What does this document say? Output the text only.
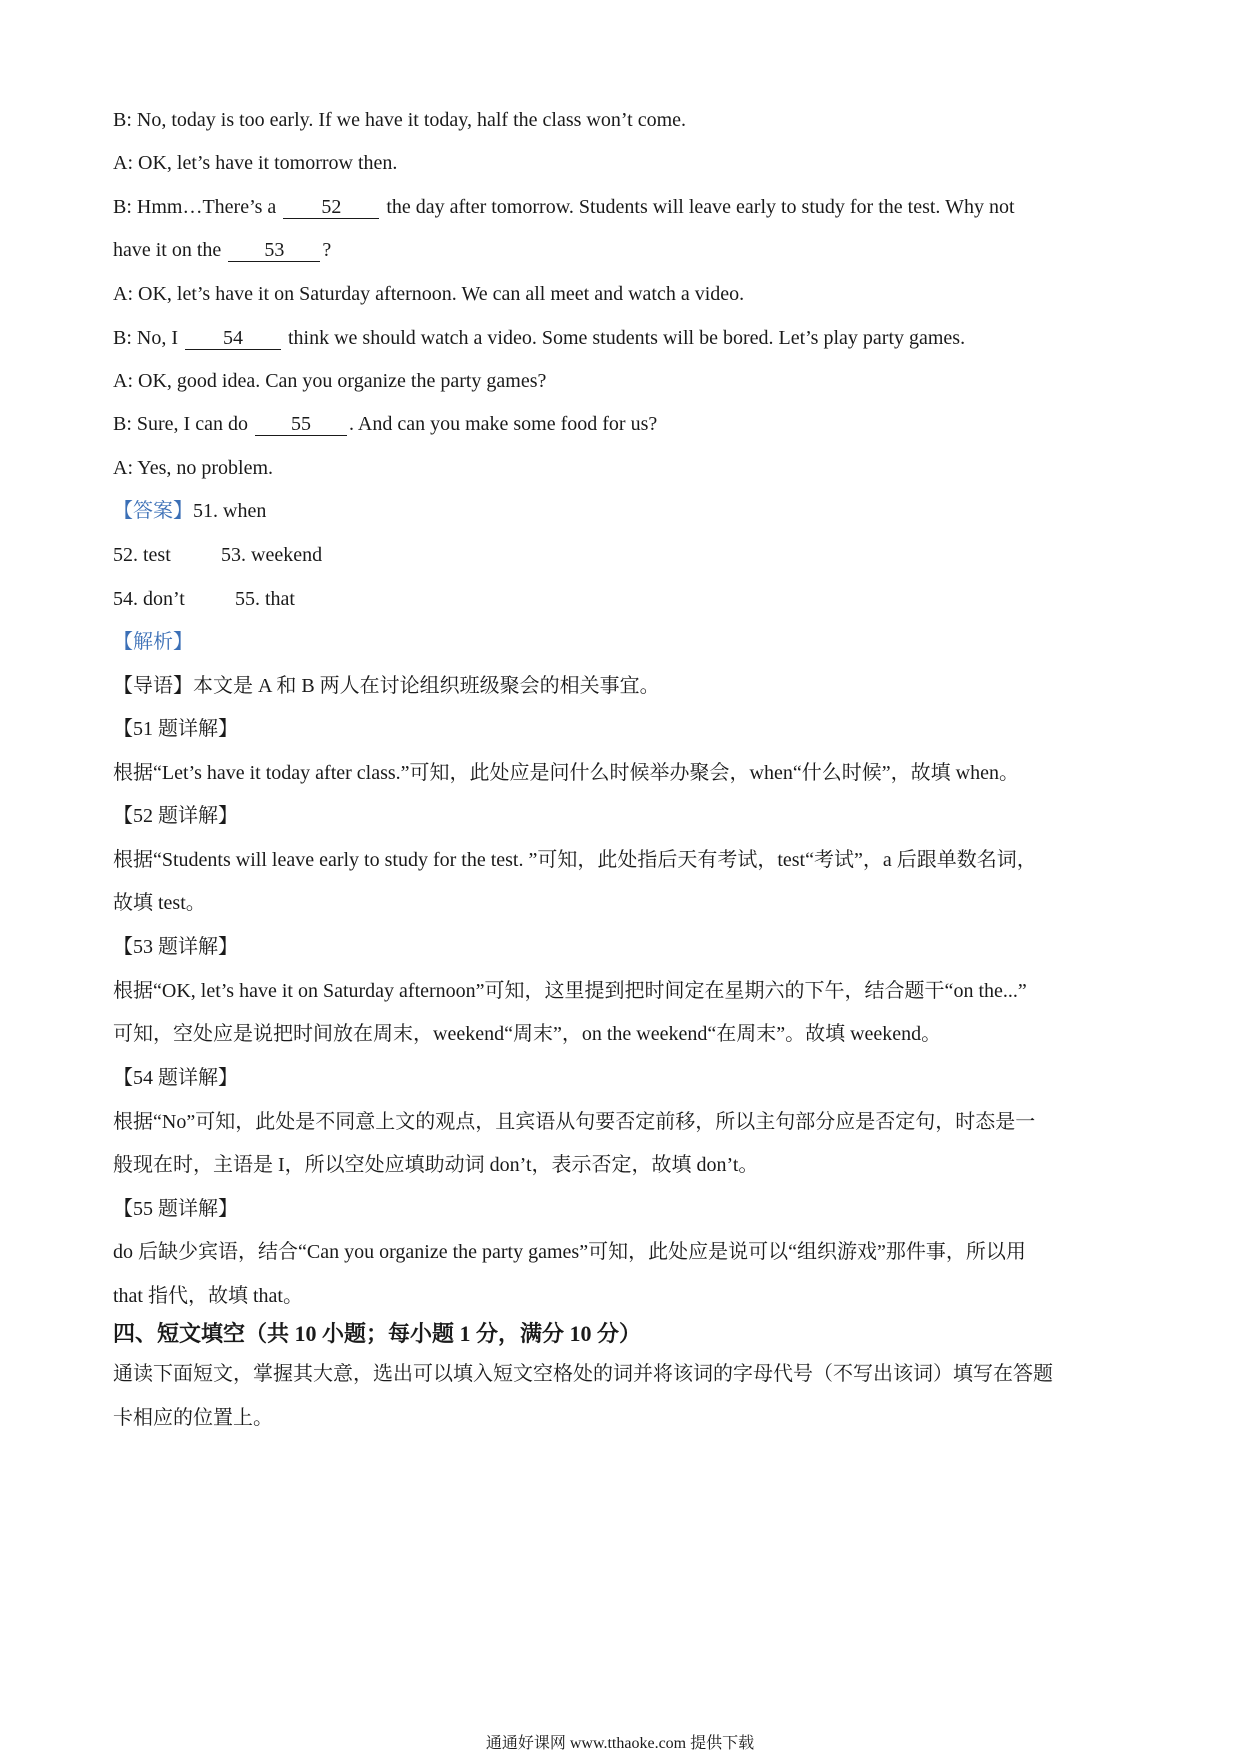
B: No, today is too early. If we have it today, half the class won’t come.
A: OK, let’s have it tomorrow then.
B: Hmm…There’s a 52 the day after tomorrow. Students will leave early to study for the test. Why not
have it on the 53 ?
A: OK, let’s have it on Saturday afternoon. We can all meet and watch a video.
B: No, I 54 think we should watch a video. Some students will be bored. Let’s play party games.
A: OK, good idea. Can you organize the party games?
B: Sure, I can do 55 . And can you make some food for us?
A: Yes, no problem.
【答案】51. when
52. test	53. weekend
54. don’t	55. that
【解析】
【导语】本文是 A 和 B 两人在讨论组织班级聚会的相关事宜。
【51 题详解】
根据“Let’s have it today after class.”可知，此处应是问什么时候举办聚会，when“什么时候”，故填 when。
【52 题详解】
根据“Students will leave early to study for the test. ”可知，此处指后天有考试，test“考试”，a 后跟单数名词，
故填 test。
【53 题详解】
根据“OK, let’s have it on Saturday afternoon”可知，这里提到把时间定在星期六的下午，结合题干“on the...”
可知，空处应是说把时间放在周末，weekend“周末”，on the weekend“在周末”。故填 weekend。
【54 题详解】
根据“No”可知，此处是不同意上文的观点，且宾语从句要否定前移，所以主句部分应是否定句，时态是一
般现在时，主语是 I，所以空处应填助动词 don’t，表示否定，故填 don’t。
【55 题详解】
do 后缺少宾语，结合“Can you organize the party games”可知，此处应是说可以“组织游戏”那件事，所以用
that 指代，故填 that。
四、短文填空（共 10 小题；每小题 1 分，满分 10 分）
通读下面短文，掌握其大意，选出可以填入短文空格处的词并将该词的字母代号（不写出该词）填写在答题
卡相应的位置上。
通通好课网 www.tthaoke.com 提供下载
